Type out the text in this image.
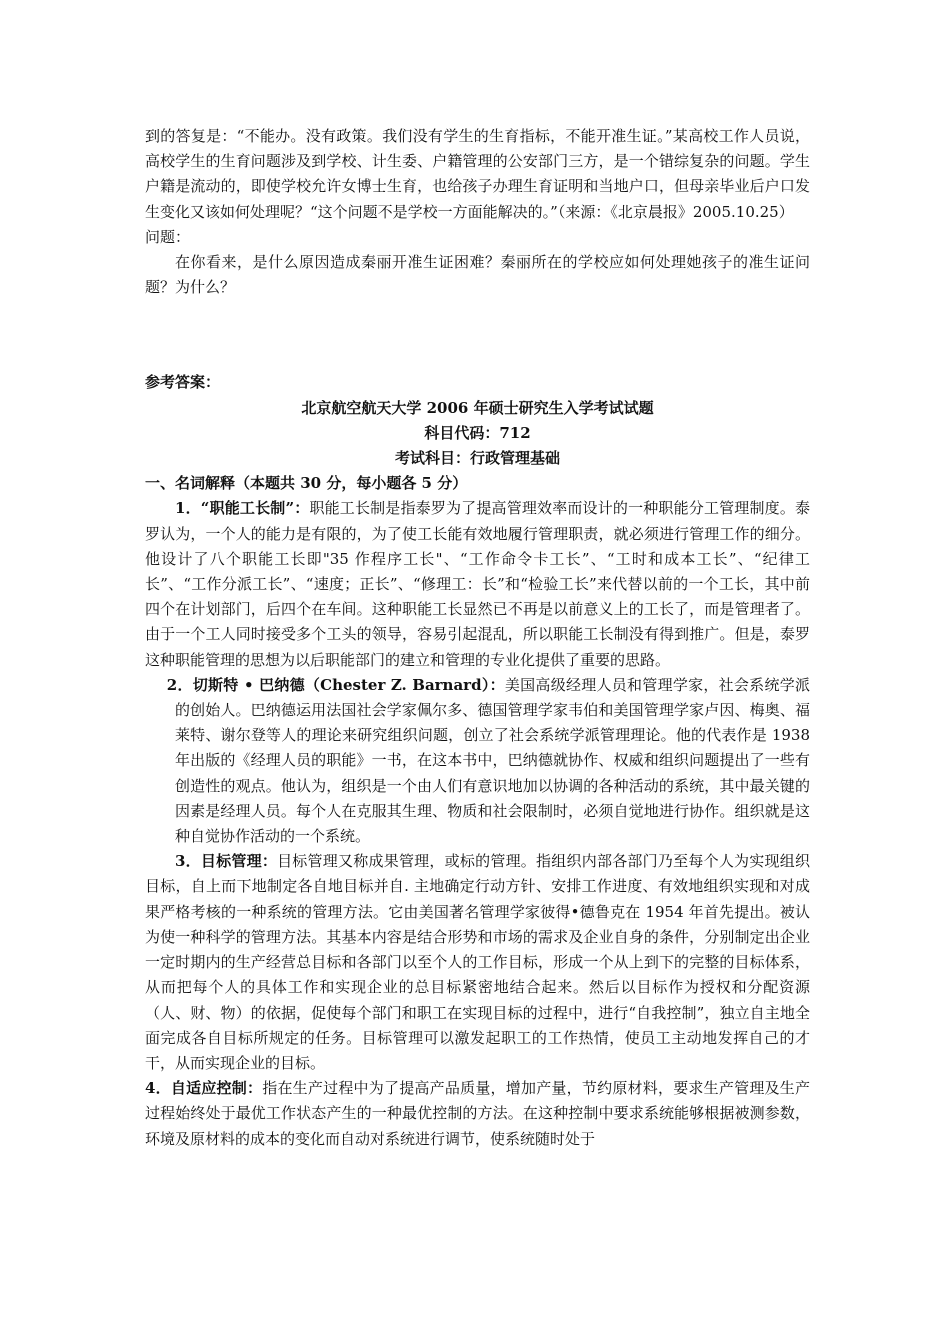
到的答复是：“不能办。没有政策。我们没有学生的生育指标，不能开准生证。”某高校工作人员说，高校学生的生育问题涉及到学校、计生委、户籍管理的公安部门三方，是一个错综复杂的问题。学生户籍是流动的，即使学校允许女博士生育，也给孩子办理生育证明和当地户口，但母亲毕业后户口发生变化又该如何处理呢？“这个问题不是学校一方面能解决的。”（来源：《北京晨报》2005.10.25）

问题：

在你看来，是什么原因造成秦丽开准生证困难？秦丽所在的学校应如何处理她孩子的准生证问题？为什么？

参考答案：

北京航空航天大学 2006 年硕士研究生入学考试试题

科目代码：712

考试科目：行政管理基础

一、名词解释（本题共 30 分，每小题各 5 分）

1．“职能工长制”：职能工长制是指泰罗为了提高管理效率而设计的一种职能分工管理制度。泰罗认为，一个人的能力是有限的，为了使工长能有效地履行管理职责，就必须进行管理工作的细分。他设计了八个职能工长即"35 作程序工长"、“工作命令卡工长”、“工时和成本工长”、“纪律工长”、“工作分派工长”、“速度；正长”、“修理工：长”和“检验工长”来代替以前的一个工长，其中前四个在计划部门，后四个在车间。这种职能工长显然已不再是以前意义上的工长了，而是管理者了。由于一个工人同时接受多个工头的领导，容易引起混乱，所以职能工长制没有得到推广。但是，泰罗这种职能管理的思想为以后职能部门的建立和管理的专业化提供了重要的思路。

2．切斯特 • 巴纳德（Chester Z. Barnard）：美国高级经理人员和管理学家，社会系统学派的创始人。巴纳德运用法国社会学家佩尔多、德国管理学家韦伯和美国管理学家卢因、梅奥、福莱特、谢尔登等人的理论来研究组织问题，创立了社会系统学派管理理论。他的代表作是 1938 年出版的《经理人员的职能》一书，在这本书中，巴纳德就协作、权威和组织问题提出了一些有创造性的观点。他认为，组织是一个由人们有意识地加以协调的各种活动的系统，其中最关键的因素是经理人员。每个人在克服其生理、物质和社会限制时，必须自觉地进行协作。组织就是这种自觉协作活动的一个系统。

3．目标管理：目标管理又称成果管理，或标的管理。指组织内部各部门乃至每个人为实现组织目标，自上而下地制定各自地目标并自. 主地确定行动方针、安排工作进度、有效地组织实现和对成果严格考核的一种系统的管理方法。它由美国著名管理学家彼得•德鲁克在 1954 年首先提出。被认为使一种科学的管理方法。其基本内容是结合形势和市场的需求及企业自身的条件，分别制定出企业一定时期内的生产经营总目标和各部门以至个人的工作目标，形成一个从上到下的完整的目标体系，从而把每个人的具体工作和实现企业的总目标紧密地结合起来。然后以目标作为授权和分配资源 （人、财、物）的依据，促使每个部门和职工在实现目标的过程中，进行“自我控制”，独立自主地全面完成各自目标所规定的任务。目标管理可以激发起职工的工作热情，使员工主动地发挥自己的才干，从而实现企业的目标。

4．自适应控制：指在生产过程中为了提高产品质量，增加产量，节约原材料，要求生产管理及生产过程始终处于最优工作状态产生的一种最优控制的方法。在这种控制中要求系统能够根据被测参数，环境及原材料的成本的变化而自动对系统进行调节，使系统随时处于
